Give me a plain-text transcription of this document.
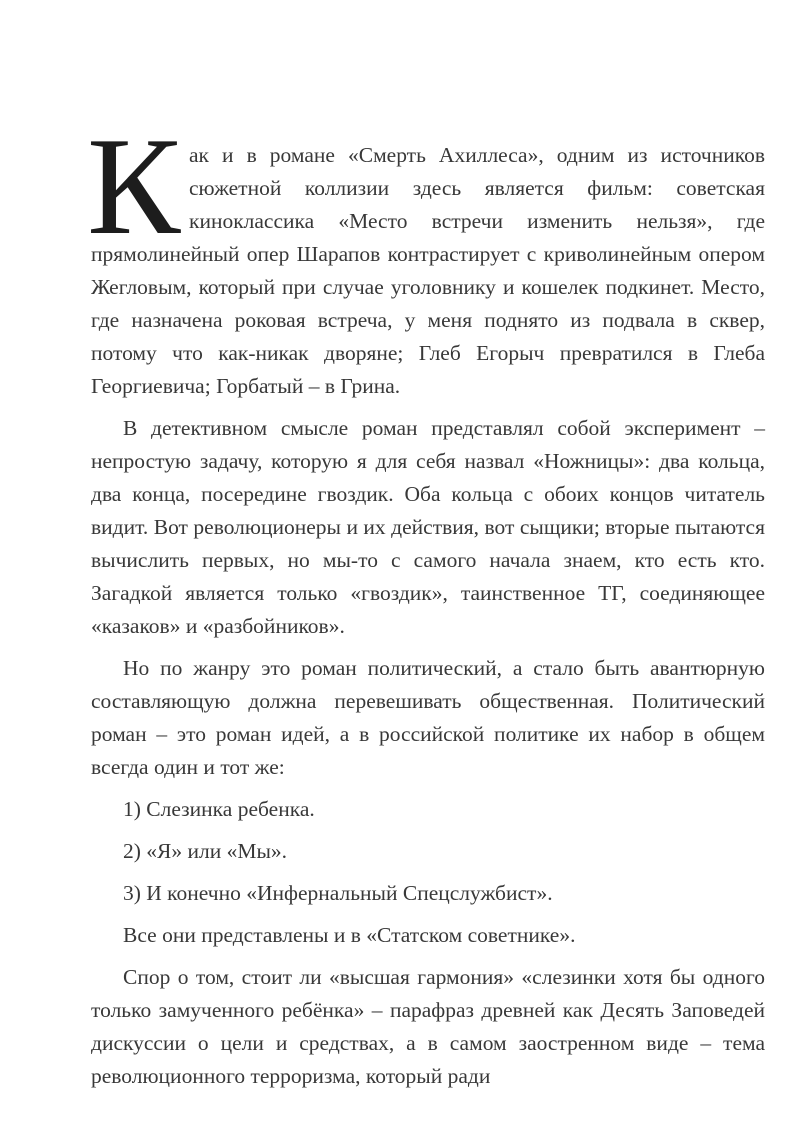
К ак и в романе «Смерть Ахиллеса», одним из источников сюжетной коллизии здесь является фильм: советская киноклассика «Место встречи изменить нельзя», где прямолинейный опер Шарапов контрастирует с криволинейным опером Жегловым, который при случае уголовнику и кошелек подкинет. Место, где назначена роковая встреча, у меня поднято из подвала в сквер, потому что как-никак дворяне; Глеб Егорыч превратился в Глеба Георгиевича; Горбатый – в Грина.

В детективном смысле роман представлял собой эксперимент – непростую задачу, которую я для себя назвал «Ножницы»: два кольца, два конца, посередине гвоздик. Оба кольца с обоих концов читатель видит. Вот революционеры и их действия, вот сыщики; вторые пытаются вычислить первых, но мы-то с самого начала знаем, кто есть кто. Загадкой является только «гвоздик», таинственное ТГ, соединяющее «казаков» и «разбойников».

Но по жанру это роман политический, а стало быть авантюрную составляющую должна перевешивать общественная. Политический роман – это роман идей, а в российской политике их набор в общем всегда один и тот же:

1) Слезинка ребенка.

2) «Я» или «Мы».

3) И конечно «Инфернальный Спецслужбист».

Все они представлены и в «Статском советнике».

Спор о том, стоит ли «высшая гармония» «слезинки хотя бы одного только замученного ребёнка» – парафраз древней как Десять Заповедей дискуссии о цели и средствах, а в самом заостренном виде – тема революционного терроризма, который ради
